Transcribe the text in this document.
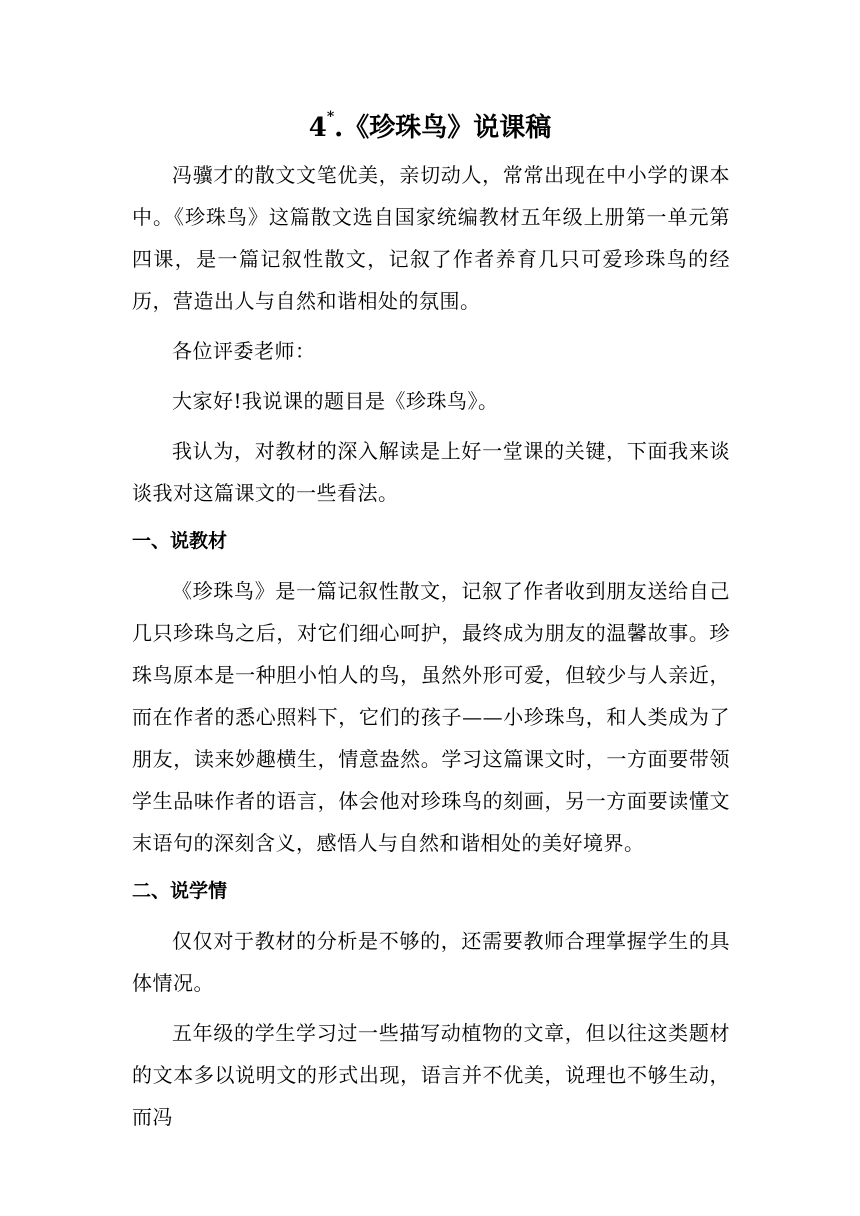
4*.《珍珠鸟》说课稿

冯骥才的散文文笔优美，亲切动人，常常出现在中小学的课本中。《珍珠鸟》这篇散文选自国家统编教材五年级上册第一单元第四课，是一篇记叙性散文，记叙了作者养育几只可爱珍珠鸟的经历，营造出人与自然和谐相处的氛围。

各位评委老师：

大家好!我说课的题目是《珍珠鸟》。

我认为，对教材的深入解读是上好一堂课的关键，下面我来谈谈我对这篇课文的一些看法。

一、说教材

《珍珠鸟》是一篇记叙性散文，记叙了作者收到朋友送给自己几只珍珠鸟之后，对它们细心呵护，最终成为朋友的温馨故事。珍珠鸟原本是一种胆小怕人的鸟，虽然外形可爱，但较少与人亲近，而在作者的悉心照料下，它们的孩子——小珍珠鸟，和人类成为了朋友，读来妙趣横生，情意盎然。学习这篇课文时，一方面要带领学生品味作者的语言，体会他对珍珠鸟的刻画，另一方面要读懂文末语句的深刻含义，感悟人与自然和谐相处的美好境界。

二、说学情

仅仅对于教材的分析是不够的，还需要教师合理掌握学生的具体情况。

五年级的学生学习过一些描写动植物的文章，但以往这类题材的文本多以说明文的形式出现，语言并不优美，说理也不够生动，而冯
